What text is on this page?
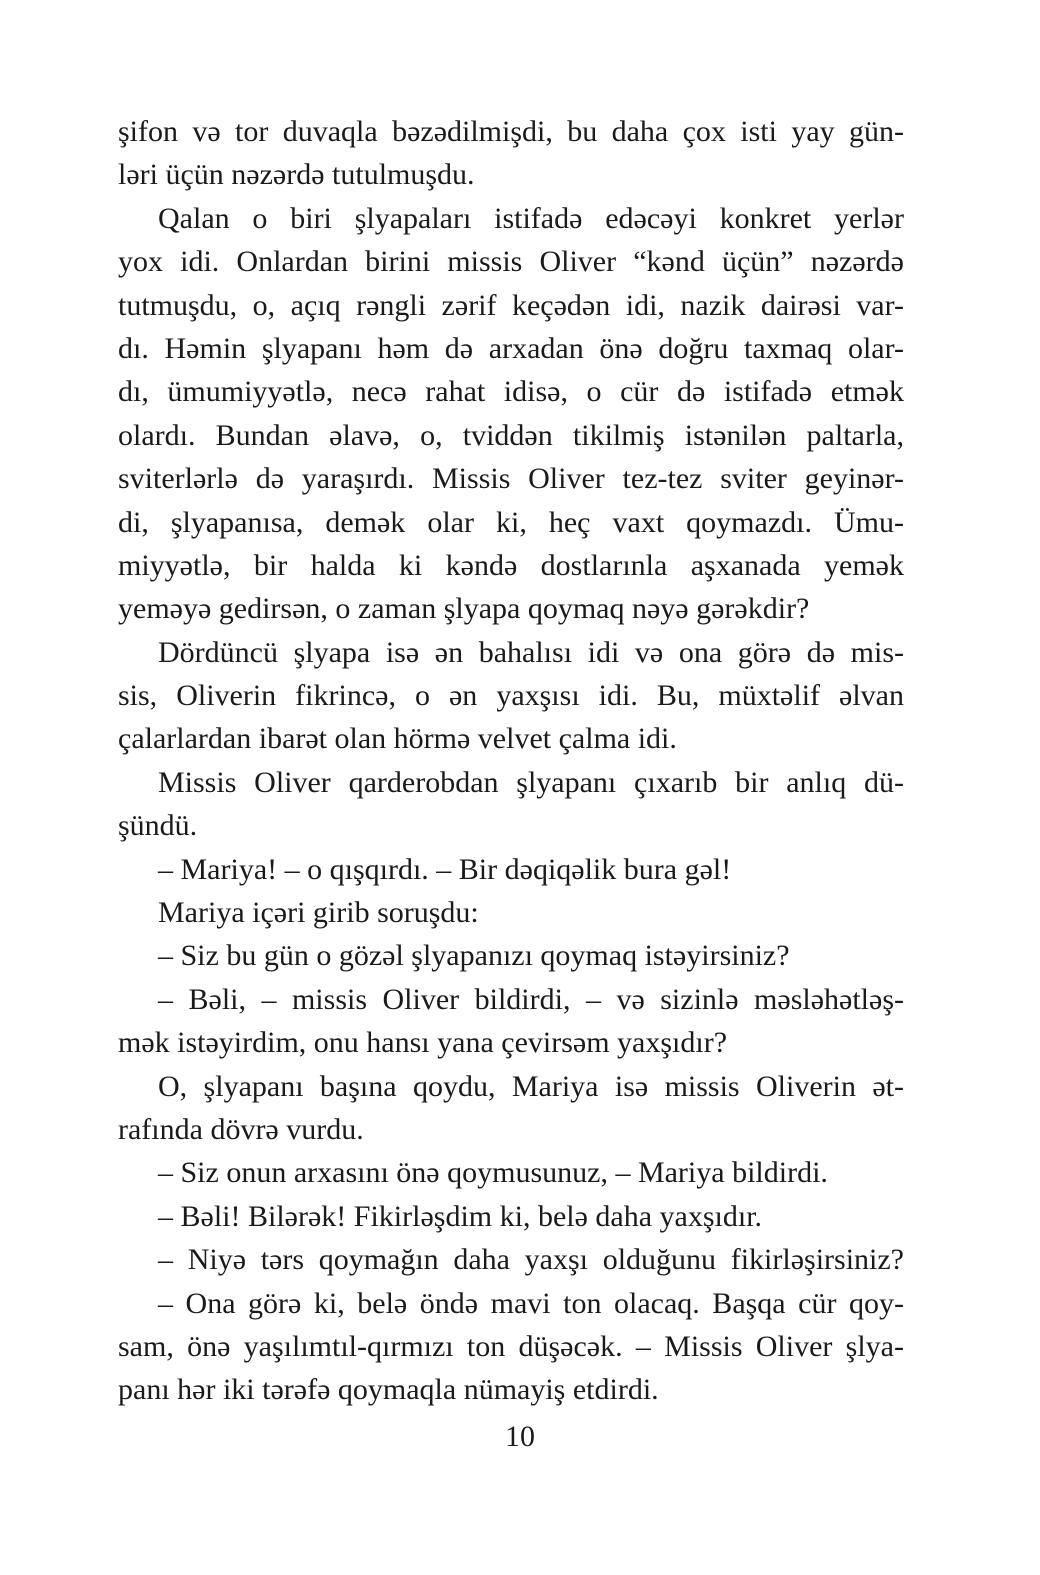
şifon və tor duvaqla bəzədilmişdi, bu daha çox isti yay gün-
ləri üçün nəzərdə tutulmuşdu.
Qalan o biri şlyapaları istifadə edəcəyi konkret yerlər
yox idi. Onlardan birini missis Oliver “kənd üçün” nəzərdə
tutmuşdu, o, açıq rəngli zərif keçədən idi, nazik dairəsi var-
dı. Həmin şlyapanı həm də arxadan önə doğru taxmaq olar-
dı, ümumiyyətlə, necə rahat idisə, o cür də istifadə etmək
olardı. Bundan əlavə, o, tviddən tikilmiş istənilən paltarla,
sviterlərlə də yaraşırdı. Missis Oliver tez-tez sviter geyinər-
di, şlyapanısa, demək olar ki, heç vaxt qoymazdı. Ümu-
miyyətlə, bir halda ki kəndə dostlarınla aşxanada yemək
yeməyə gedirsən, o zaman şlyapa qoymaq nəyə gərəkdir?
Dördüncü şlyapa isə ən bahalısı idi və ona görə də mis-
sis, Oliverin fikrincə, o ən yaxşısı idi. Bu, müxtəlif əlvan
çalarlardan ibarət olan hörmə velvet çalma idi.
Missis Oliver qarderobdan şlyapanı çıxarıb bir anlıq dü-
şündü.
– Mariya! – o qışqırdı. – Bir dəqiqəlik bura gəl!
Mariya içəri girib soruşdu:
– Siz bu gün o gözəl şlyapanızı qoymaq istəyirsiniz?
– Bəli, – missis Oliver bildirdi, – və sizinlə məsləhətləş-
mək istəyirdim, onu hansı yana çevirsəm yaxşıdır?
O, şlyapanı başına qoydu, Mariya isə missis Oliverin ət-
rafında dövrə vurdu.
– Siz onun arxasını önə qoymusunuz, – Mariya bildirdi.
– Bəli! Bilərək! Fikirləşdim ki, belə daha yaxşıdır.
– Niyə tərs qoymağın daha yaxşı olduğunu fikirləşirsiniz?
– Ona görə ki, belə öndə mavi ton olacaq. Başqa cür qoy-
sam, önə yaşılımtıl-qırmızı ton düşəcək. – Missis Oliver şlya-
panı hər iki tərəfə qoymaqla nümayiş etdirdi.
10
